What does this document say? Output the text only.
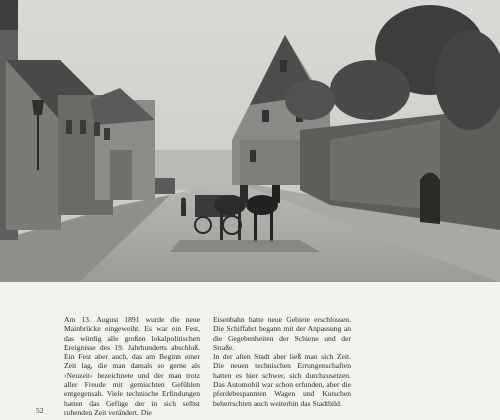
Am 13. August 1891 wurde die neue Mainbrücke eingeweiht. Es war ein Fest, das würdig alle großen lokalpolitischen Ereignisse des 19. Jahrhunderts abschloß. Ein Fest aber auch, das am Beginn einer Zeit lag, die man damals so gerne als ›Neuzeit‹ bezeichnete und der man trotz aller Freude mit gemischten Gefühlen entgegensah. Viele technische Erfindungen hatten das Gefüge der in sich selbst ruhenden Zeit verändert. Die

Eisenbahn hatte neue Gebiete erschlossen. Die Schiffahrt begann mit der Anpassung an die Gegebenheiten der Schiene und der Straße.

In der alten Stadt aber ließ man sich Zeit. Die neuen technischen Errungenschaften hatten es hier schwer, sich durchzusetzen. Das Automobil war schon erfunden, aber die pferdebespannten Wagen und Kutschen beherrschten auch weiterhin das Stadtbild.

52
